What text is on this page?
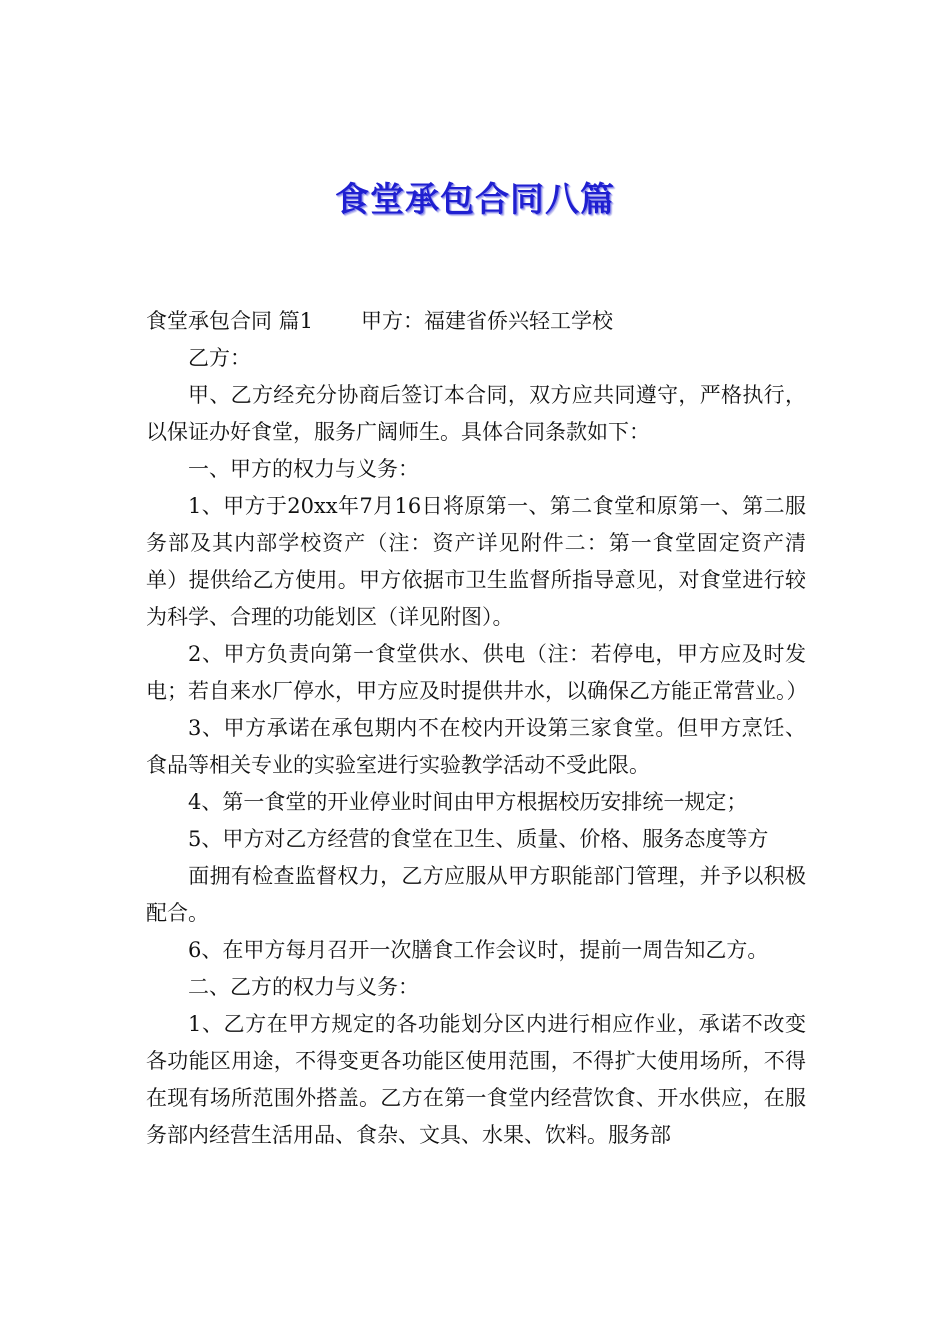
食堂承包合同八篇

食堂承包合同 篇1 甲方：福建省侨兴轻工学校

乙方：

甲、乙方经充分协商后签订本合同，双方应共同遵守，严格执行，以保证办好食堂，服务广阔师生。具体合同条款如下：

一、甲方的权力与义务：

1、甲方于20xx年7月16日将原第一、第二食堂和原第一、第二服务部及其内部学校资产（注：资产详见附件二：第一食堂固定资产清单）提供给乙方使用。甲方依据市卫生监督所指导意见，对食堂进行较为科学、合理的功能划区（详见附图）。

2、甲方负责向第一食堂供水、供电（注：若停电，甲方应及时发电；若自来水厂停水，甲方应及时提供井水，以确保乙方能正常营业。）

3、甲方承诺在承包期内不在校内开设第三家食堂。但甲方烹饪、食品等相关专业的实验室进行实验教学活动不受此限。

4、第一食堂的开业停业时间由甲方根据校历安排统一规定；

5、甲方对乙方经营的食堂在卫生、质量、价格、服务态度等方

面拥有检查监督权力，乙方应服从甲方职能部门管理，并予以积极配合。

6、在甲方每月召开一次膳食工作会议时，提前一周告知乙方。

二、乙方的权力与义务：

1、乙方在甲方规定的各功能划分区内进行相应作业，承诺不改变各功能区用途，不得变更各功能区使用范围，不得扩大使用场所，不得在现有场所范围外搭盖。乙方在第一食堂内经营饮食、开水供应，在服务部内经营生活用品、食杂、文具、水果、饮料。服务部
